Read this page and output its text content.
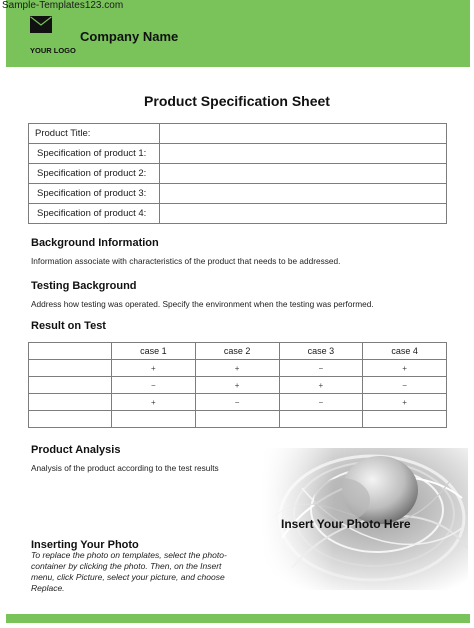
Sample-Templates123.com
YOUR LOGO
Company Name
Product Specification Sheet
Product Title:	
Specification of product 1:	
Specification of product 2:	
Specification of product 3:	
Specification of product 4:	
Background Information
Information associate with characteristics of the product that needs to be addressed.
Testing Background
Address how testing was operated. Specify the environment when the testing was performed.
Result on Test
	case 1	case 2	case 3	case 4
	+	+	−	+
	−	+	+	−
	+	−	−	+

Product Analysis
Analysis of the product according to the test results
Insert Your Photo Here
Inserting Your Photo
To replace the photo on templates, select the photo-container by clicking the photo. Then, on the Insert menu, click Picture, select your picture, and choose Replace.
